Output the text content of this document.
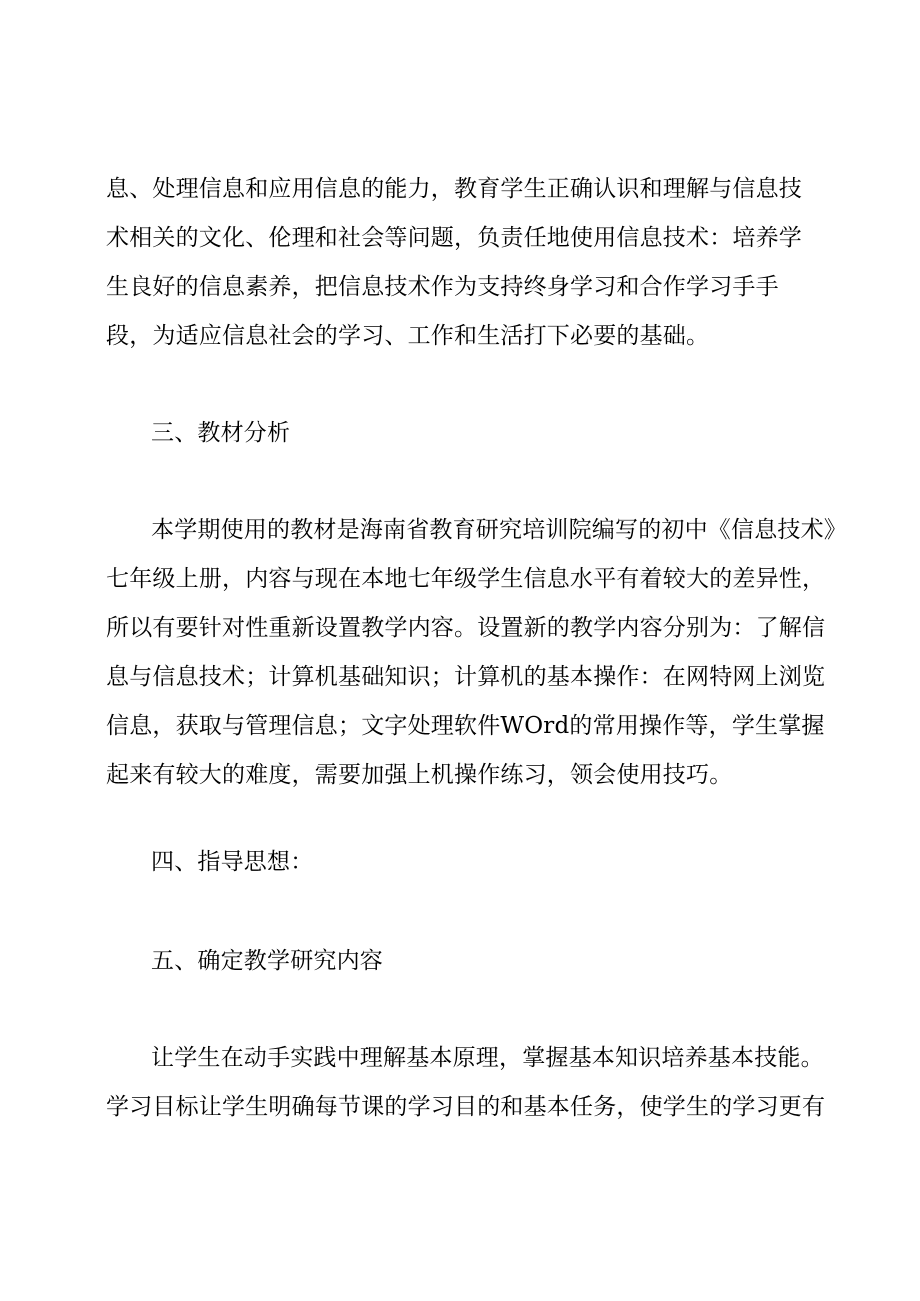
息、处理信息和应用信息的能力，教育学生正确认识和理解与信息技
术相关的文化、伦理和社会等问题，负责任地使用信息技术：培养学
生良好的信息素养，把信息技术作为支持终身学习和合作学习手手
段，为适应信息社会的学习、工作和生活打下必要的基础。
三、教材分析
本学期使用的教材是海南省教育研究培训院编写的初中《信息技术》
七年级上册，内容与现在本地七年级学生信息水平有着较大的差异性，
所以有要针对性重新设置教学内容。设置新的教学内容分别为：了解信
息与信息技术；计算机基础知识；计算机的基本操作：在网特网上浏览
信息，获取与管理信息；文字处理软件WOrd的常用操作等，学生掌握
起来有较大的难度，需要加强上机操作练习，领会使用技巧。
四、指导思想：
五、确定教学研究内容
让学生在动手实践中理解基本原理，掌握基本知识培养基本技能。
学习目标让学生明确每节课的学习目的和基本任务，使学生的学习更有
